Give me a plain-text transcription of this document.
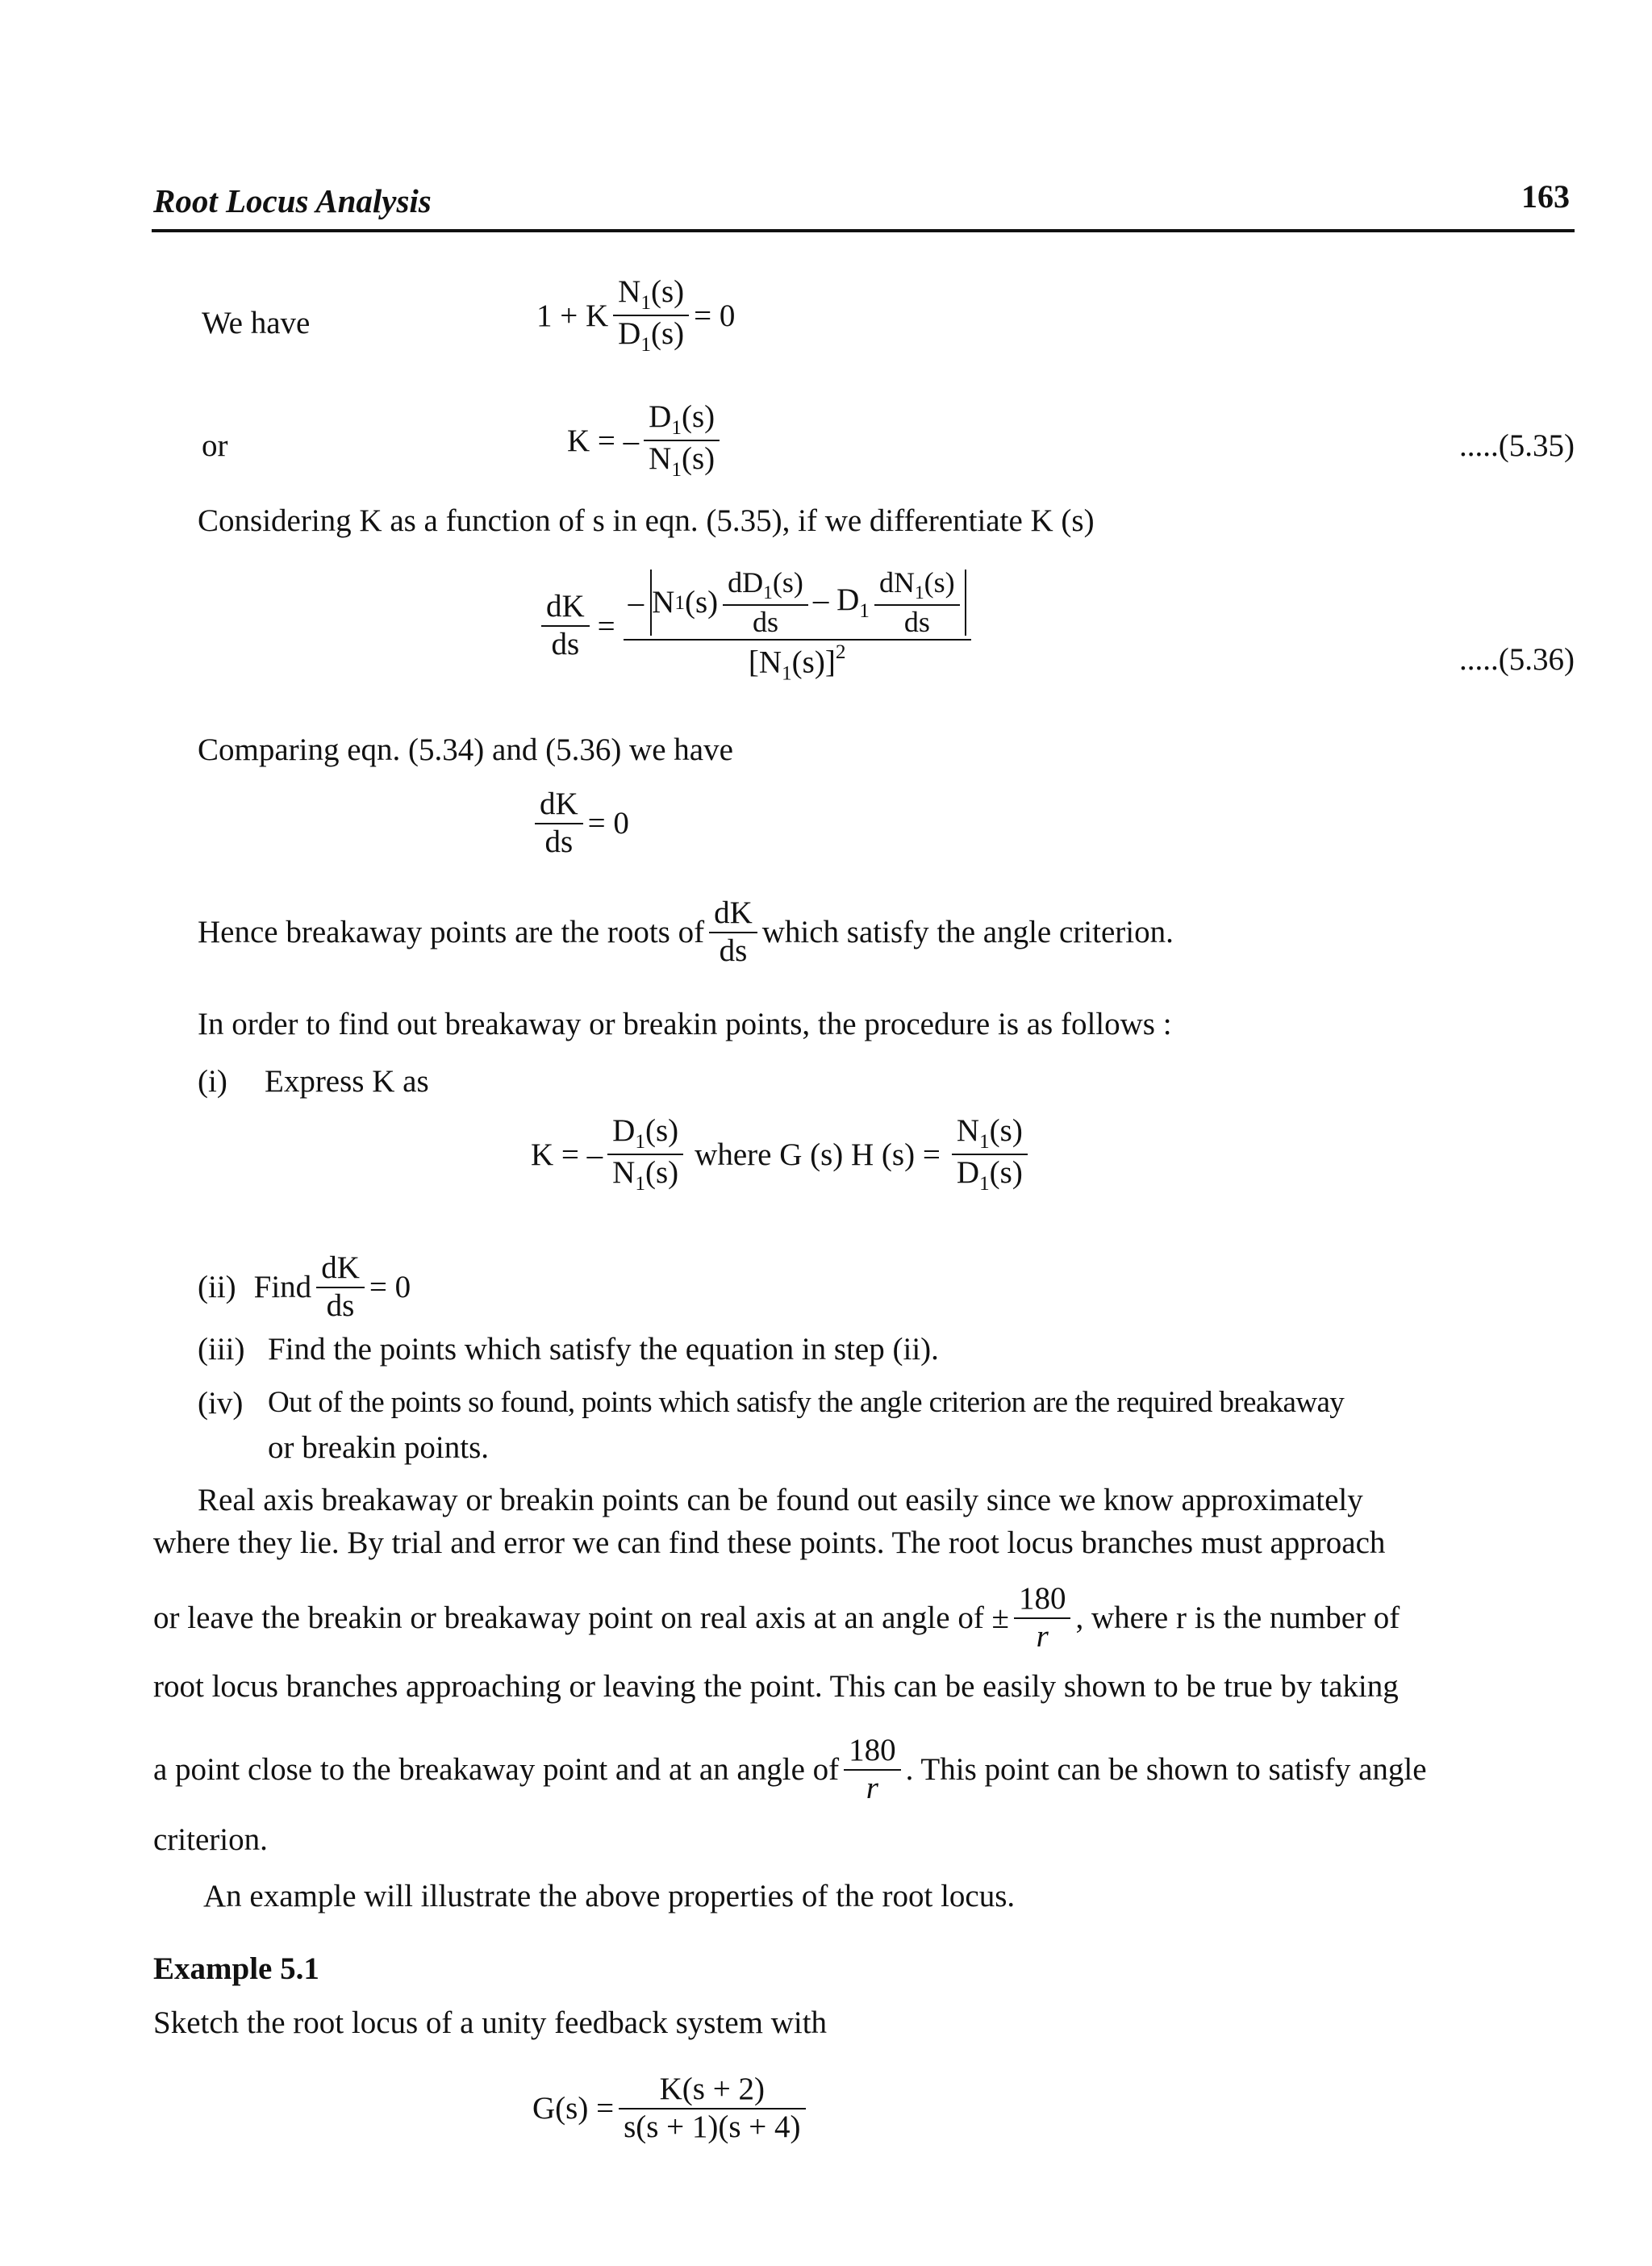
Root Locus Analysis	163
We have	1 + K $\frac{N_1(s)}{D_1(s)} = 0$
or	K = – $\frac{D_1(s)}{N_1(s)}$	.....(5.35)
Considering K as a function of s in eqn. (5.35), if we differentiate K (s)
$\frac{dK}{ds}$ =
– N 1 $(s) \frac{dD_1(s)}{ds} - D_1 \frac{dN_1(s)}{ds}$
$[N_1(s)]^2$	.....(5.36)
Comparing eqn. (5.34) and (5.36) we have
$\frac{dK}{ds} = 0$
Hence breakaway points are the roots of $\frac{dK}{ds}$ which satisfy the angle criterion.
In order to find out breakaway or breakin points, the procedure is as follows :
(i) Express K as
K = – $\frac{D_1(s)}{N_1(s)}$ where G (s) H $(s) = \frac{N_1(s)}{D_1(s)}$
(ii) Find $\frac{dK}{ds} = 0$
(iii) Find the points which satisfy the equation in step (ii).
(iv) Out of the points so found, points which satisfy the angle criterion are the required breakaway
or breakin points.
Real axis breakaway or breakin points can be found out easily since we know approximately
where they lie. By trial and error we can find these points. The root locus branches must approach
or leave the breakin or breakaway point on real axis at an angle of ± $\frac{180}{r}$ , where r is the number of
root locus branches approaching or leaving the point. This can be easily shown to be true by taking
a point close to the breakaway point and at an angle of $\frac{180}{r}$ . This point can be shown to satisfy angle
criterion.
An example will illustrate the above properties of the root locus.
Example 5.1
Sketch the root locus of a unity feedback system with
$G(s) = \frac{K(s + 2)}{s(s + 1)(s + 4)}$
